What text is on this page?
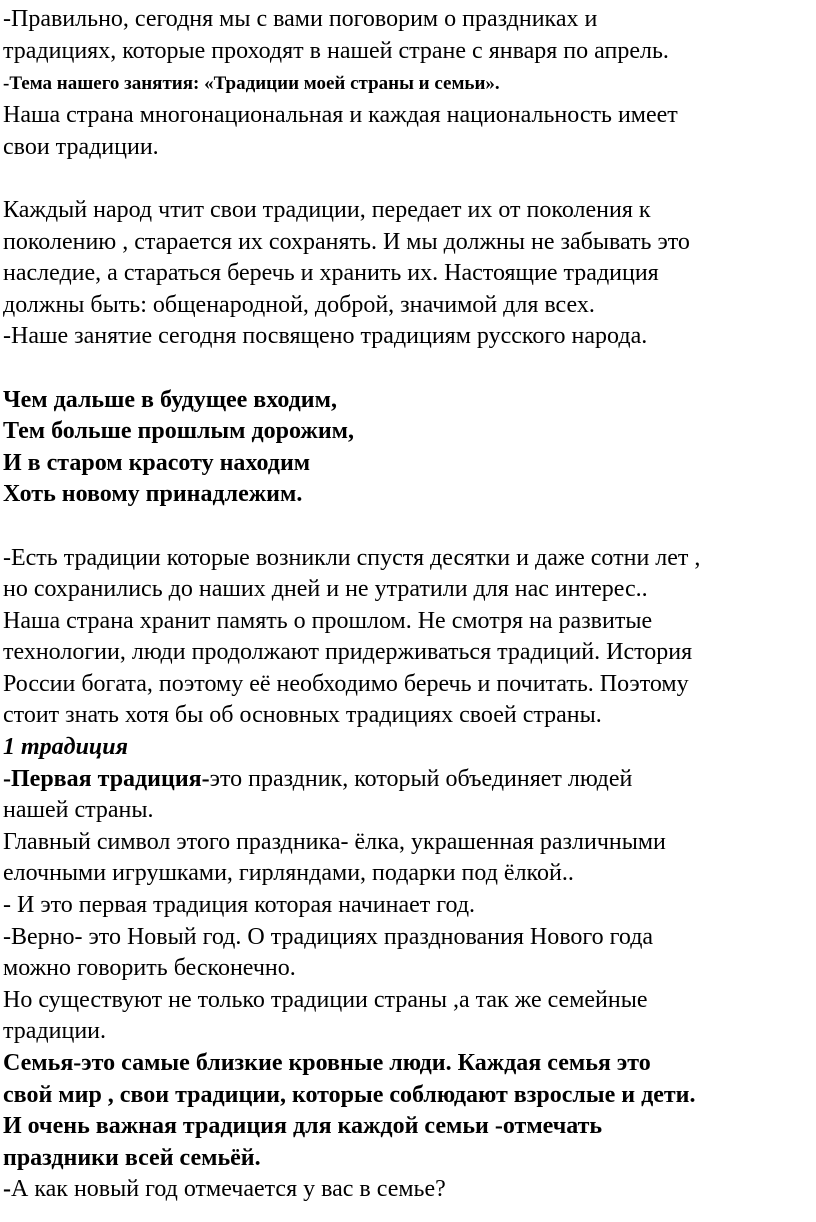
-Правильно, сегодня мы с вами поговорим о праздниках и
традициях, которые проходят в нашей стране с января по апрель.
-Тема нашего занятия: «Традиции моей страны и семьи».
Наша страна многонациональная и каждая национальность имеет
свои традиции.
Каждый народ чтит свои традиции, передает их от поколения к
поколению , старается их сохранять. И мы должны не забывать это
наследие, а стараться беречь и хранить их. Настоящие традиция
должны быть: общенародной, доброй, значимой для всех.
-Наше занятие сегодня посвящено традициям русского народа.
Чем дальше в будущее входим,
Тем больше прошлым дорожим,
И в старом красоту находим
Хоть новому принадлежим.
-Есть традиции которые возникли спустя десятки и даже сотни лет ,
но сохранились до наших дней и не утратили для нас интерес..
Наша страна хранит память о прошлом. Не смотря на развитые
технологии, люди продолжают придерживаться традиций. История
России богата, поэтому её необходимо беречь и почитать. Поэтому
стоит знать хотя бы об основных традициях своей страны.
1 традиция
-Первая традиция-это праздник, который объединяет людей
нашей страны.
Главный символ этого праздника- ёлка, украшенная различными
елочными игрушками, гирляндами, подарки под ёлкой..
- И это первая традиция которая начинает год.
-Верно- это Новый год. О традициях празднования Нового года
можно говорить бесконечно.
Но существуют не только традиции страны ,а так же семейные
традиции.
Семья-это самые близкие кровные люди. Каждая семья это
свой мир , свои традиции, которые соблюдают взрослые и дети.
И очень важная традиция для каждой семьи -отмечать
праздники всей семьёй.
-А как новый год отмечается у вас в семье?
